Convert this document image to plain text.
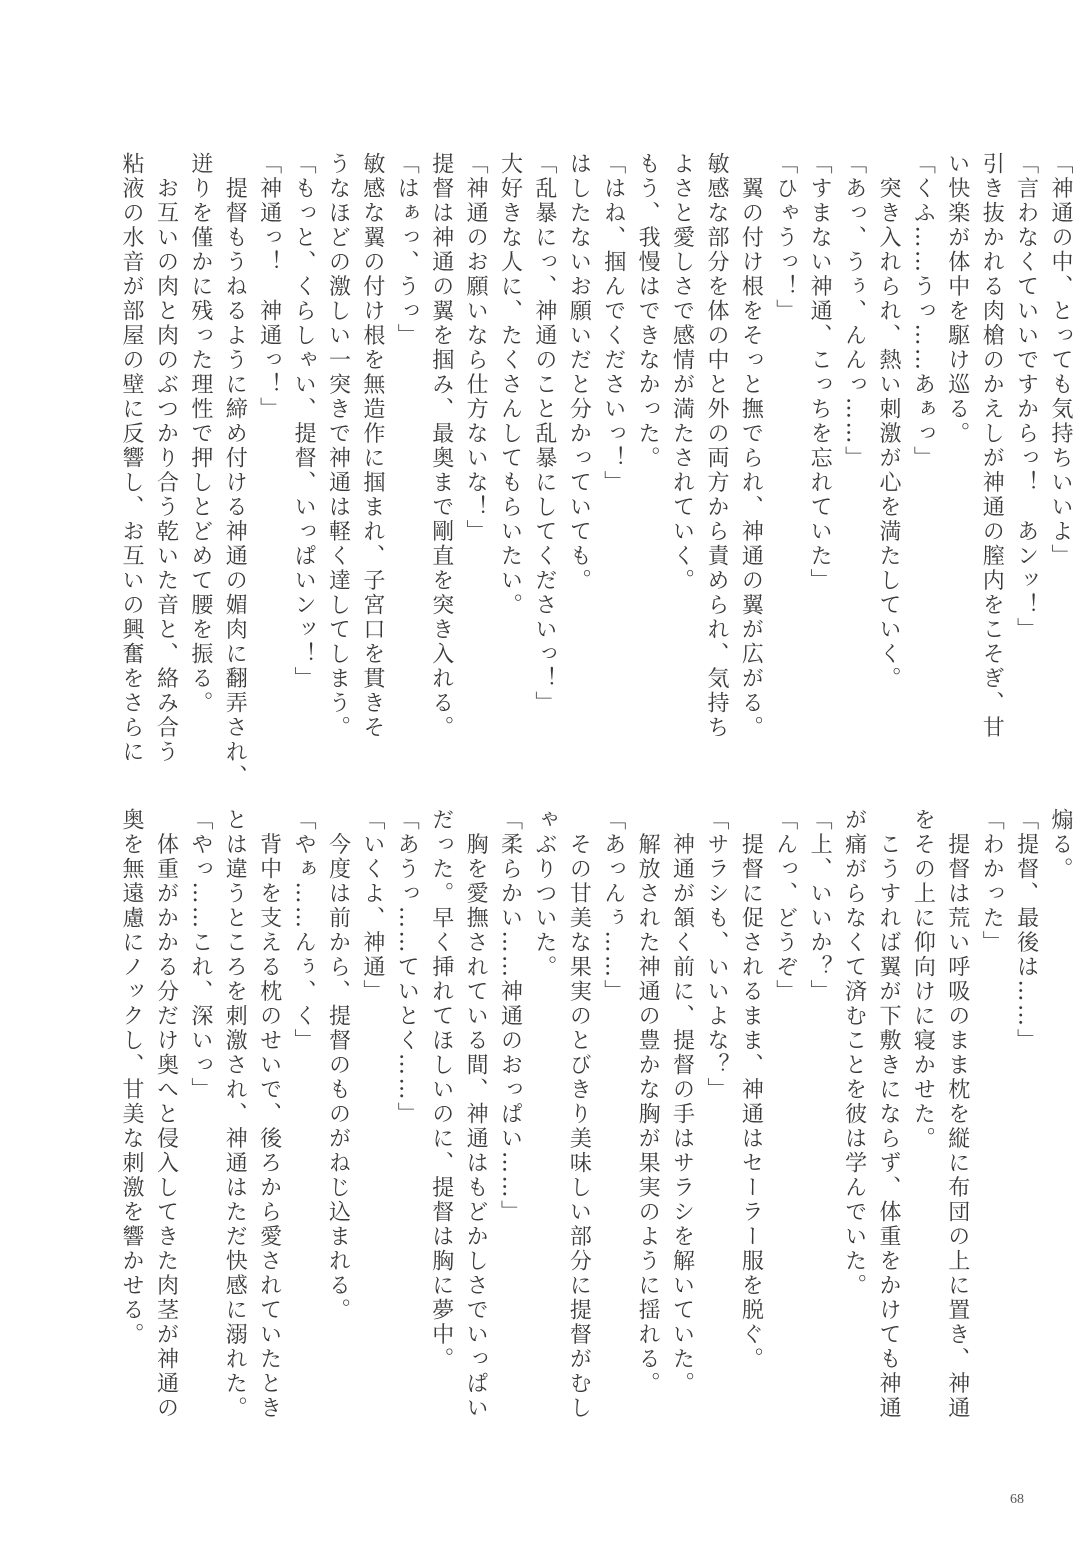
「神通の中、とっても気持ちいいよ」

「言わなくていいですからっ！　あンッ！」

引き抜かれる肉槍のかえしが神通の膣内をこそぎ、甘

い快楽が体中を駆け巡る。

「くふ……うっ……あぁっ」

　突き入れられ、熱い刺激が心を満たしていく。

「あっ、うぅ、んんっ……」

「すまない神通、こっちを忘れていた」

「ひゃうっ！」

　翼の付け根をそっと撫でられ、神通の翼が広がる。

敏感な部分を体の中と外の両方から責められ、気持ち

よさと愛しさで感情が満たされていく。

もう、我慢はできなかった。

「はね、掴んでくださいっ！」

はしたないお願いだと分かっていても。

「乱暴にっ、神通のこと乱暴にしてくださいっ！」

大好きな人に、たくさんしてもらいたい。

「神通のお願いなら仕方ないな！」

提督は神通の翼を掴み、最奥まで剛直を突き入れる。

「はぁっ、うっ」

敏感な翼の付け根を無造作に掴まれ、子宮口を貫きそ

うなほどの激しい一突きで神通は軽く達してしまう。

「もっと、くらしゃい、提督、いっぱいンッ！」

「神通っ！　神通っ！」

　提督もうねるように締め付ける神通の媚肉に翻弄され、

迸りを僅かに残った理性で押しとどめて腰を振る。

　お互いの肉と肉のぶつかり合う乾いた音と、絡み合う

粘液の水音が部屋の壁に反響し、お互いの興奮をさらに

煽る。

「提督、最後は……」

「わかった」

　提督は荒い呼吸のまま枕を縦に布団の上に置き、神通

をその上に仰向けに寝かせた。

　こうすれば翼が下敷きにならず、体重をかけても神通

が痛がらなくて済むことを彼は学んでいた。

「上、いいか？」

「んっ、どうぞ」

　提督に促されるまま、神通はセーラー服を脱ぐ。

「サラシも、いいよな？」

　神通が頷く前に、提督の手はサラシを解いていた。

　解放された神通の豊かな胸が果実のように揺れる。

「あっんぅ……」

　その甘美な果実のとびきり美味しい部分に提督がむし

ゃぶりついた。

「柔らかい……神通のおっぱい……」

　胸を愛撫されている間、神通はもどかしさでいっぱい

だった。早く挿れてほしいのに、提督は胸に夢中。

「あうっ……ていとく……」

「いくよ、神通」

　今度は前から、提督のものがねじ込まれる。

「やぁ……んぅ、く」

　背中を支える枕のせいで、後ろから愛されていたとき

とは違うところを刺激され、神通はただ快感に溺れた。

「やっ……これ、深いっ」

　体重がかかる分だけ奥へと侵入してきた肉茎が神通の

奥を無遠慮にノックし、甘美な刺激を響かせる。

68
